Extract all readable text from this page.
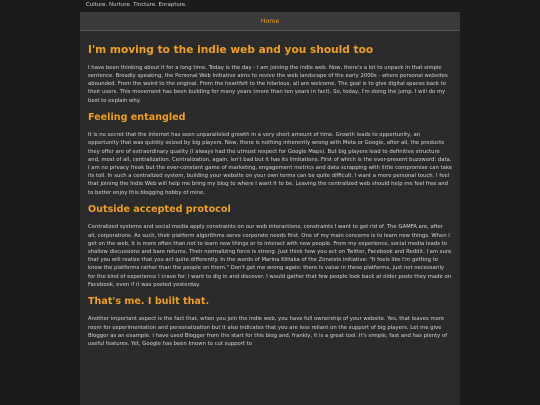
Culture. Nurture. Tincture. Enrapture.
Home
I'm moving to the indie web and you should too

I have been thinking about it for a long time. Today is the day - I am joining the indie web. Now, there's a lot to unpack in that simple sentence. Broadly speaking, the Personal Web Initiative aims to revive the web landscape of the early 2000s - where personal websites abounded. From the weird to the original. From the heartfelt to the hilarious, all are welcome. The goal is to give digital spaces back to their users. This movement has been building for many years (more than ten years in fact). So, today, I'm doing the jump. I will do my best to explain why.

Feeling entangled

It is no secret that the Internet has seen unparalleled growth in a very short amount of time. Growth leads to opportunity, an opportunity that was quickly seized by big players. Now, there is nothing inherently wrong with Meta or Google, after all, the products they offer are of extraordinary quality (I always had the utmost respect for Google Maps). But big players lead to definitive structure and, most of all, centralization. Centralization, again, isn't bad but it has its limitations. First of which is the ever-present buzzword: data. I am no privacy freak but the ever-constant game of marketing, engagement metrics and data scrapping with little compromise can take its toll. In such a centralized system, building your website on your own terms can be quite difficult. I want a more personal touch. I feel that joining the Indie Web will help me bring my blog to where I want it to be. Leaving the centralized web should help me feel free and to better enjoy this blogging hobby of mine.

Outside accepted protocol

Centralized systems and social media apply constraints on our web interactions, constraints I want to get rid of. The GAMFA are, after all, corporations. As such, their platform algorithms serve corporate needs first. One of my main concerns is to learn new things. When I get on the web, it is more often than not to learn new things or to interact with new people. From my experience, social media leads to shallow discussions and bare returns. Their normalizing force is strong. Just think how you act on Twitter, Facebook and Reddit. I am sure that you will realize that you act quite differently. In the words of Marina Kittaka of the Zoneists initiative: "It feels like I'm getting to know the platforms rather than the people on them." Don't get me wrong again: there is value in these platforms, just not necessarily for the kind of experience I crave for. I want to dig in and discover. I would gather that few people look back at older posts they made on Facebook, even if it was posted yesterday.

That's me. I built that.

Another important aspect is the fact that, when you join the indie web, you have full ownership of your website. Yes, that leaves more room for experimentation and personalization but it also indicates that you are less reliant on the support of big players. Let me give Blogger as an example. I have used Blogger from the start for this blog and, frankly, it is a great tool. It's simple, fast and has plenty of useful features. Yet, Google has been known to cut support to
